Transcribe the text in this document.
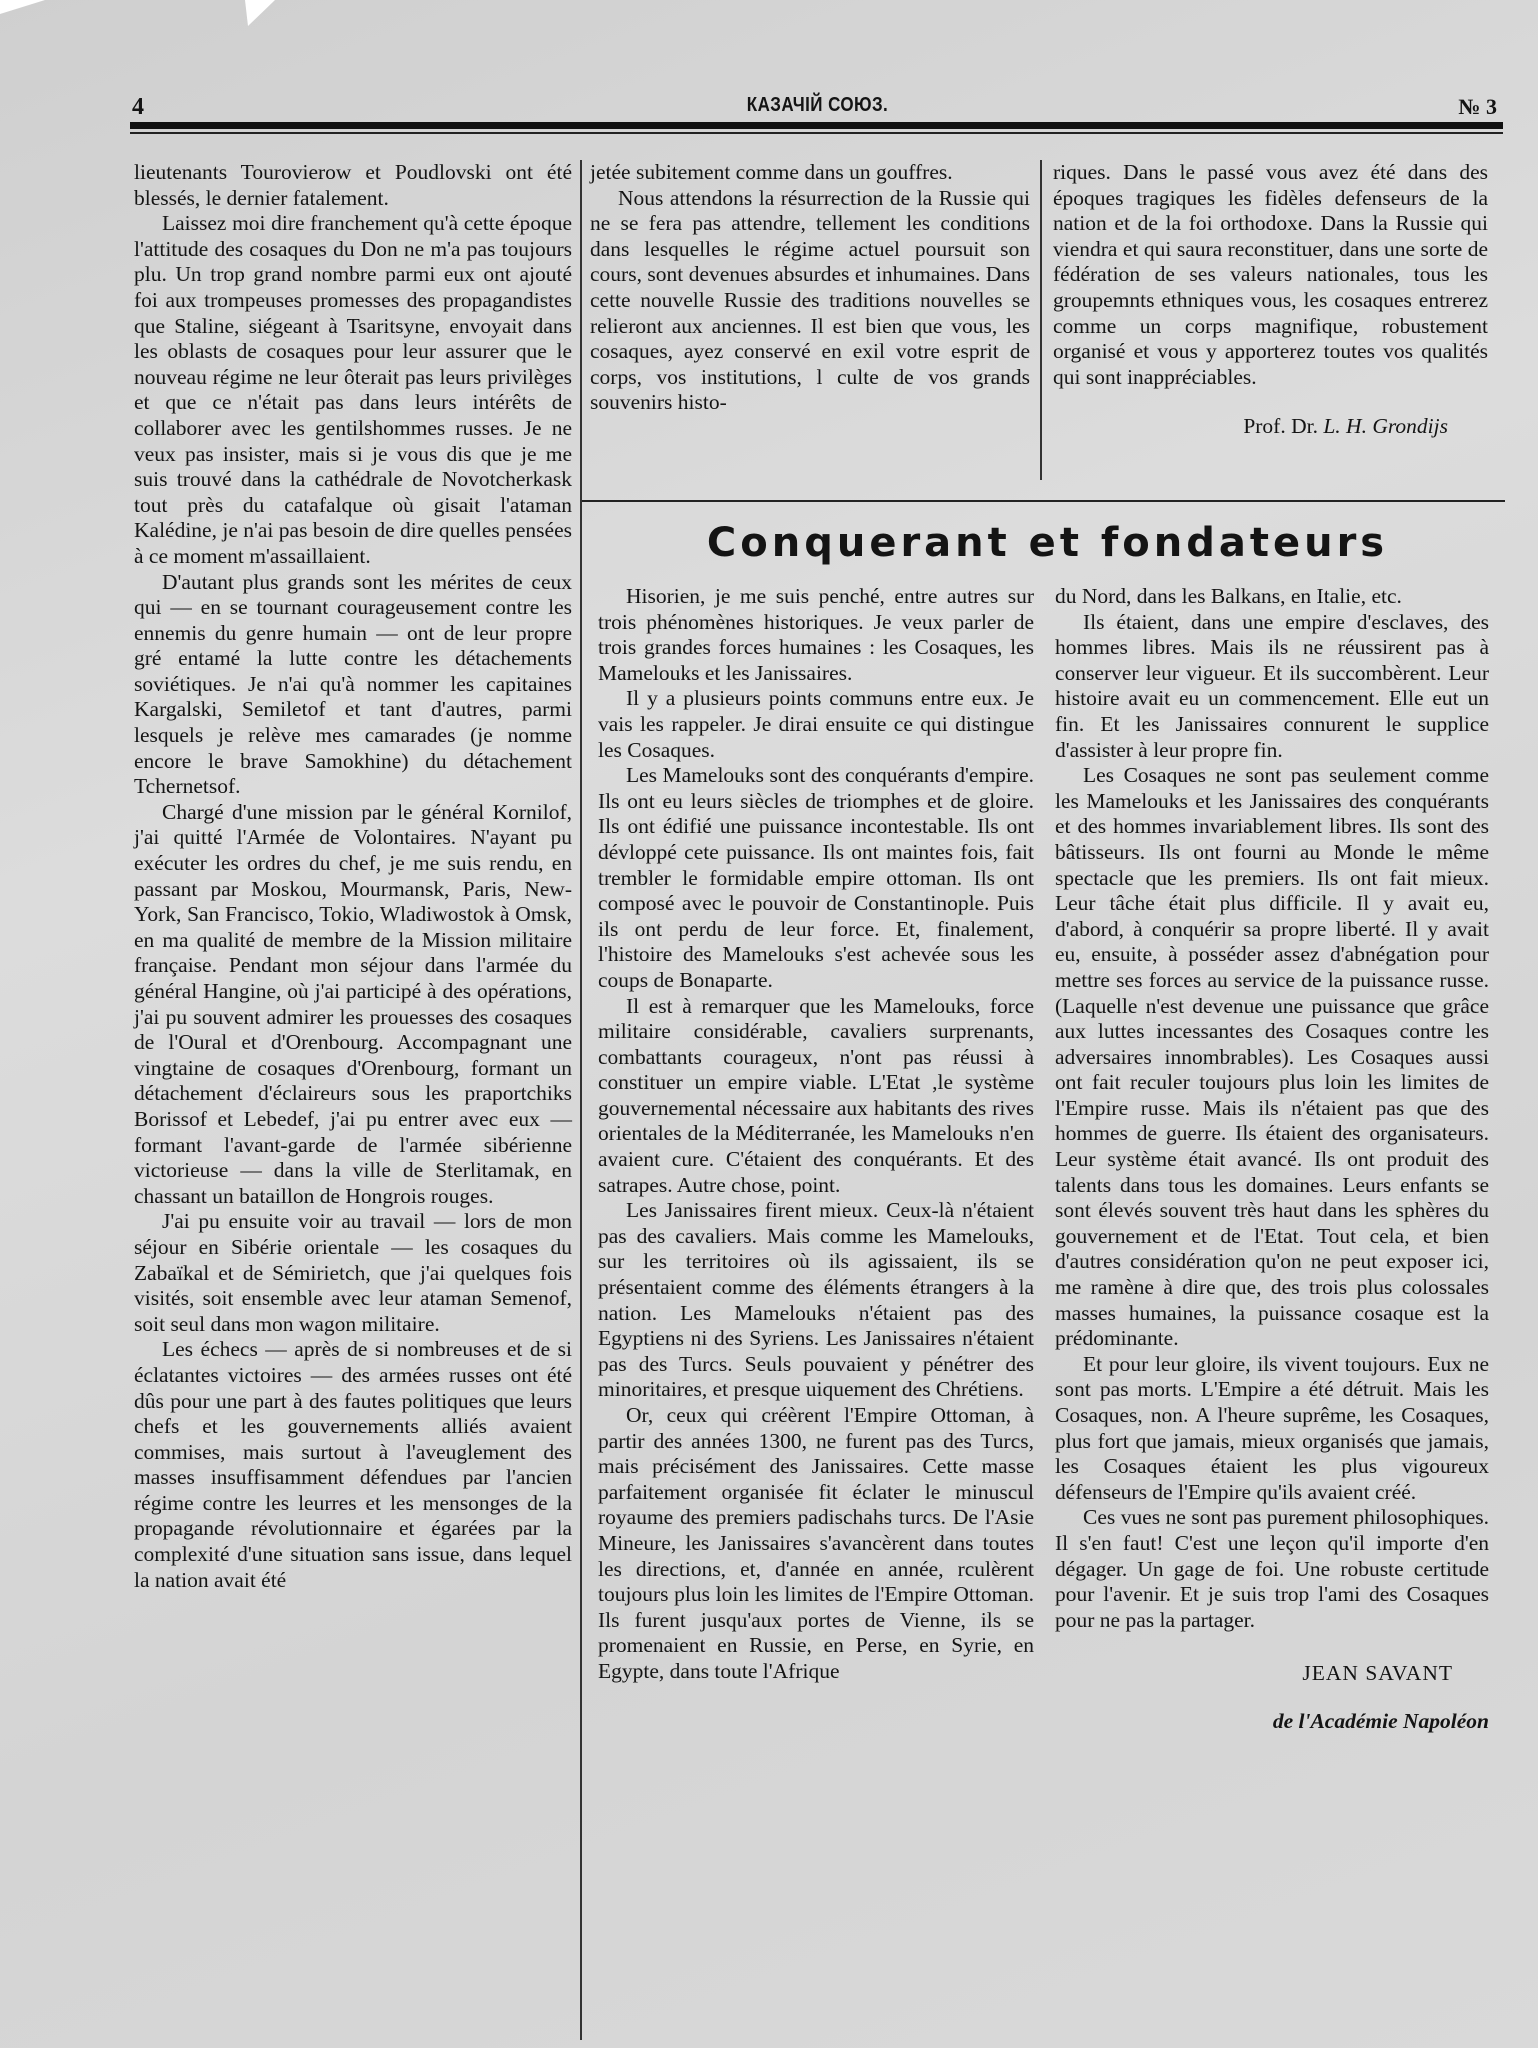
4	КАЗАЧІЙ СОЮЗ.	№ 3

lieutenants Tourovierow et Poudlovski ont été blessés, le dernier fatalement.

Laissez moi dire franchement qu'à cette époque l'attitude des cosaques du Don ne m'a pas toujours plu. Un trop grand nombre parmi eux ont ajouté foi aux trompeuses promesses des propagandistes que Staline, siégeant à Tsaritsyne, envoyait dans les oblasts de cosaques pour leur assurer que le nouveau régime ne leur ôterait pas leurs privilèges et que ce n'était pas dans leurs intérêts de collaborer avec les gentilshommes russes. Je ne veux pas insister, mais si je vous dis que je me suis trouvé dans la cathédrale de Novotcherkask tout près du catafalque où gisait l'ataman Kalédine, je n'ai pas besoin de dire quelles pensées à ce moment m'assaillaient.

D'autant plus grands sont les mérites de ceux qui — en se tournant courageusement contre les ennemis du genre humain — ont de leur propre gré entamé la lutte contre les détachements soviétiques. Je n'ai qu'à nommer les capitaines Kargalski, Semiletof et tant d'autres, parmi lesquels je relève mes camarades (je nomme encore le brave Samokhine) du détachement Tchernetsof.

Chargé d'une mission par le général Kornilof, j'ai quitté l'Armée de Volontaires. N'ayant pu exécuter les ordres du chef, je me suis rendu, en passant par Moskou, Mourmansk, Paris, New-York, San Francisco, Tokio, Wladiwostok à Omsk, en ma qualité de membre de la Mission militaire française. Pendant mon séjour dans l'armée du général Hangine, où j'ai participé à des opérations, j'ai pu souvent admirer les prouesses des cosaques de l'Oural et d'Orenbourg. Accompagnant une vingtaine de cosaques d'Orenbourg, formant un détachement d'éclaireurs sous les praportchiks Borissof et Lebedef, j'ai pu entrer avec eux — formant l'avant-garde de l'armée sibérienne victorieuse — dans la ville de Sterlitamak, en chassant un bataillon de Hongrois rouges.

J'ai pu ensuite voir au travail — lors de mon séjour en Sibérie orientale — les cosaques du Zabaïkal et de Sémirietch, que j'ai quelques fois visités, soit ensemble avec leur ataman Semenof, soit seul dans mon wagon militaire.

Les échecs — après de si nombreuses et de si éclatantes victoires — des armées russes ont été dûs pour une part à des fautes politiques que leurs chefs et les gouvernements alliés avaient commises, mais surtout à l'aveuglement des masses insuffisamment défendues par l'ancien régime contre les leurres et les mensonges de la propagande révolutionnaire et égarées par la complexité d'une situation sans issue, dans lequel la nation avait été

jetée subitement comme dans un gouffres.

Nous attendons la résurrection de la Russie qui ne se fera pas attendre, tellement les conditions dans lesquelles le régime actuel poursuit son cours, sont devenues absurdes et inhumaines. Dans cette nouvelle Russie des traditions nouvelles se relieront aux anciennes. Il est bien que vous, les cosaques, ayez conservé en exil votre esprit de corps, vos institutions, l culte de vos grands souvenirs histo-

riques. Dans le passé vous avez été dans des époques tragiques les fidèles defenseurs de la nation et de la foi orthodoxe. Dans la Russie qui viendra et qui saura reconstituer, dans une sorte de fédération de ses valeurs nationales, tous les groupemnts ethniques vous, les cosaques entrerez comme un corps magnifique, robustement organisé et vous y apporterez toutes vos qualités qui sont inappréciables.

Prof. Dr. L. H. Grondijs
Conquerant et fondateurs

Hisorien, je me suis penché, entre autres sur trois phénomènes historiques. Je veux parler de trois grandes forces humaines : les Cosaques, les Mamelouks et les Janissaires.

Il y a plusieurs points communs entre eux. Je vais les rappeler. Je dirai ensuite ce qui distingue les Cosaques.

Les Mamelouks sont des conquérants d'empire. Ils ont eu leurs siècles de triomphes et de gloire. Ils ont édifié une puissance incontestable. Ils ont dévloppé cete puissance. Ils ont maintes fois, fait trembler le formidable empire ottoman. Ils ont composé avec le pouvoir de Constantinople. Puis ils ont perdu de leur force. Et, finalement, l'histoire des Mamelouks s'est achevée sous les coups de Bonaparte.

Il est à remarquer que les Mamelouks, force militaire considérable, cavaliers surprenants, combattants courageux, n'ont pas réussi à constituer un empire viable. L'Etat ,le système gouvernemental nécessaire aux habitants des rives orientales de la Méditerranée, les Mamelouks n'en avaient cure. C'étaient des conquérants. Et des satrapes. Autre chose, point.

Les Janissaires firent mieux. Ceux-là n'étaient pas des cavaliers. Mais comme les Mamelouks, sur les territoires où ils agissaient, ils se présentaient comme des éléments étrangers à la nation. Les Mamelouks n'étaient pas des Egyptiens ni des Syriens. Les Janissaires n'étaient pas des Turcs. Seuls pouvaient y pénétrer des minoritaires, et presque uiquement des Chrétiens.

Or, ceux qui créèrent l'Empire Ottoman, à partir des années 1300, ne furent pas des Turcs, mais précisément des Janissaires. Cette masse parfaitement organisée fit éclater le minuscul royaume des premiers padischahs turcs. De l'Asie Mineure, les Janissaires s'avancèrent dans toutes les directions, et, d'année en année, rculèrent toujours plus loin les limites de l'Empire Ottoman. Ils furent jusqu'aux portes de Vienne, ils se promenaient en Russie, en Perse, en Syrie, en Egypte, dans toute l'Afrique

du Nord, dans les Balkans, en Italie, etc.

Ils étaient, dans une empire d'esclaves, des hommes libres. Mais ils ne réussirent pas à conserver leur viguеur. Et ils succombèrent. Leur histoire avait eu un commencement. Elle eut un fin. Et les Janissaires connurent le supplice d'assister à leur propre fin.

Les Cosaques ne sont pas seulement comme les Mamelouks et les Janissaires des conquérants et des hommes invariablement libres. Ils sont des bâtisseurs. Ils ont fourni au Monde le même spectacle que les premiers. Ils ont fait mieux. Leur tâche était plus difficile. Il y avait eu, d'abord, à conquérir sa propre liberté. Il y avait eu, ensuite, à posséder assez d'abnégation pour mettre ses forces au service de la puissance russe. (Laquelle n'est devenue une puissance que grâce aux luttes incessantes des Cosaques contre les adversaires innombrables). Les Cosaques aussi ont fait reculer toujours plus loin les limites de l'Empire russe. Mais ils n'étaient pas que des hommes de guerre. Ils étaient des organisateurs. Leur système était avancé. Ils ont produit des talents dans tous les domaines. Leurs enfants se sont élevés souvent très haut dans les sphères du gouvernement et de l'Etat. Tout cela, et bien d'autres considération qu'on ne peut exposer ici, me ramène à dire que, des trois plus colossales masses humaines, la puissance cosaque est la prédominante.

Et pour leur gloire, ils vivent toujours. Eux ne sont pas morts. L'Empire a été détruit. Mais les Cosaques, non. A l'heure suprême, les Cosaques, plus fort que jamais, mieux organisés que jamais, les Cosaques étaient les plus vigoureux défenseurs de l'Empire qu'ils avaient créé.

Ces vues ne sont pas purement philosophiques. Il s'en faut! C'est une leçon qu'il importe d'en dégager. Un gage de foi. Une robuste certitude pour l'avenir. Et je suis trop l'ami des Cosaques pour ne pas la partager.

JEAN SAVANT
de l'Académie Napoléon
